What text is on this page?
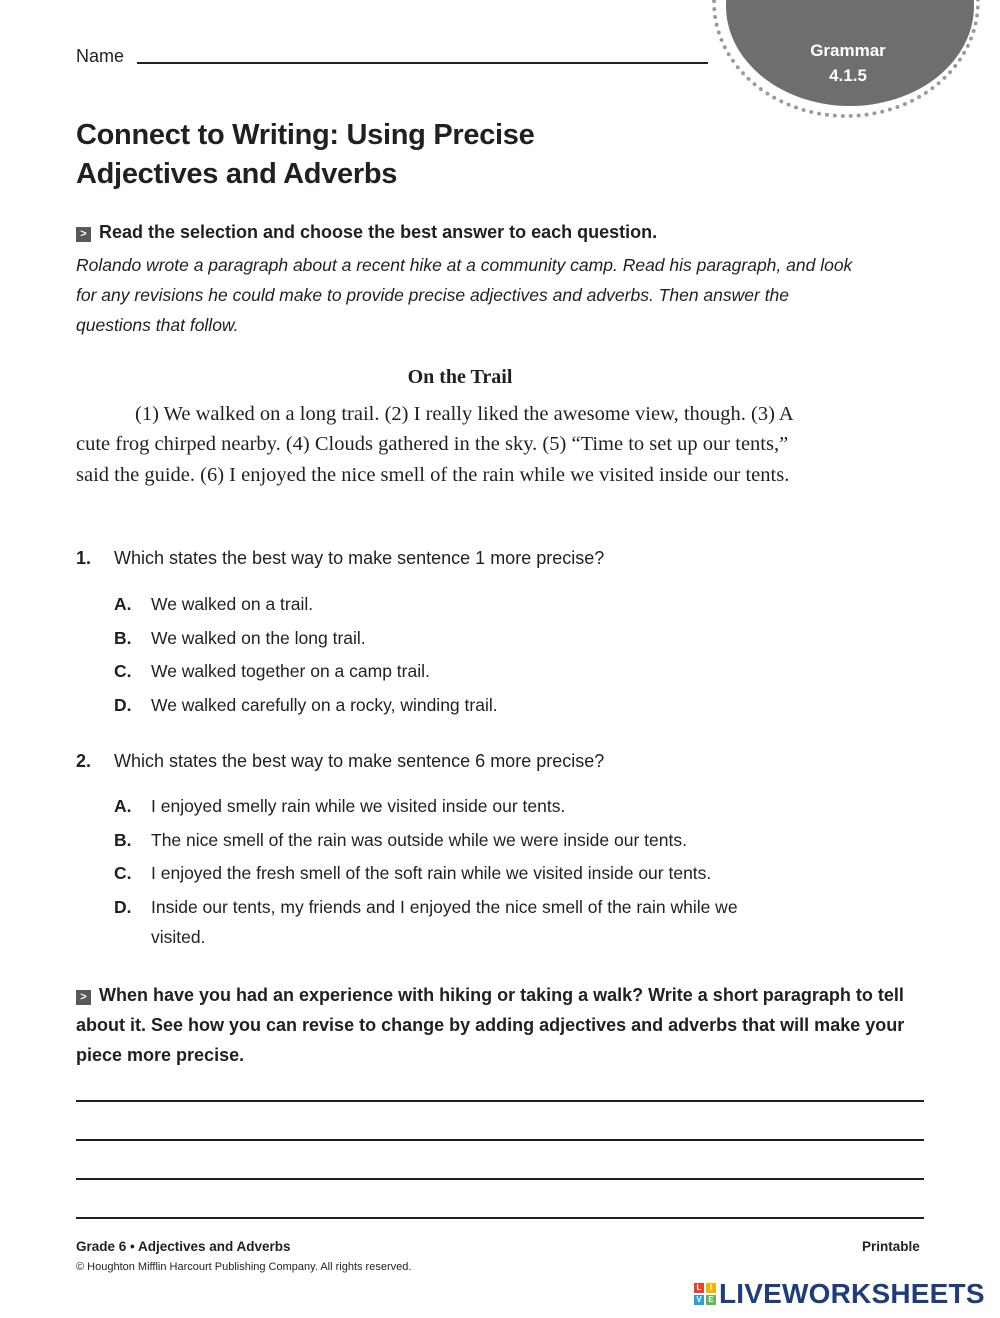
Grammar
4.1.5
Name
Connect to Writing: Using Precise
Adjectives and Adverbs
> Read the selection and choose the best answer to each question.
Rolando wrote a paragraph about a recent hike at a community camp. Read his paragraph, and look for any revisions he could make to provide precise adjectives and adverbs. Then answer the questions that follow.
On the Trail
(1) We walked on a long trail. (2) I really liked the awesome view, though. (3) A cute frog chirped nearby. (4) Clouds gathered in the sky. (5) “Time to set up our tents,” said the guide. (6) I enjoyed the nice smell of the rain while we visited inside our tents.
1. Which states the best way to make sentence 1 more precise?
A. We walked on a trail.
B. We walked on the long trail.
C. We walked together on a camp trail.
D. We walked carefully on a rocky, winding trail.
2. Which states the best way to make sentence 6 more precise?
A. I enjoyed smelly rain while we visited inside our tents.
B. The nice smell of the rain was outside while we were inside our tents.
C. I enjoyed the fresh smell of the soft rain while we visited inside our tents.
D. Inside our tents, my friends and I enjoyed the nice smell of the rain while we visited.
> When have you had an experience with hiking or taking a walk? Write a short paragraph to tell about it. See how you can revise to change by adding adjectives and adverbs that will make your piece more precise.
Grade 6 • Adjectives and Adverbs
© Houghton Mifflin Harcourt Publishing Company. All rights reserved.
Printable
L	I
V E LIVEWORKSHEETS
